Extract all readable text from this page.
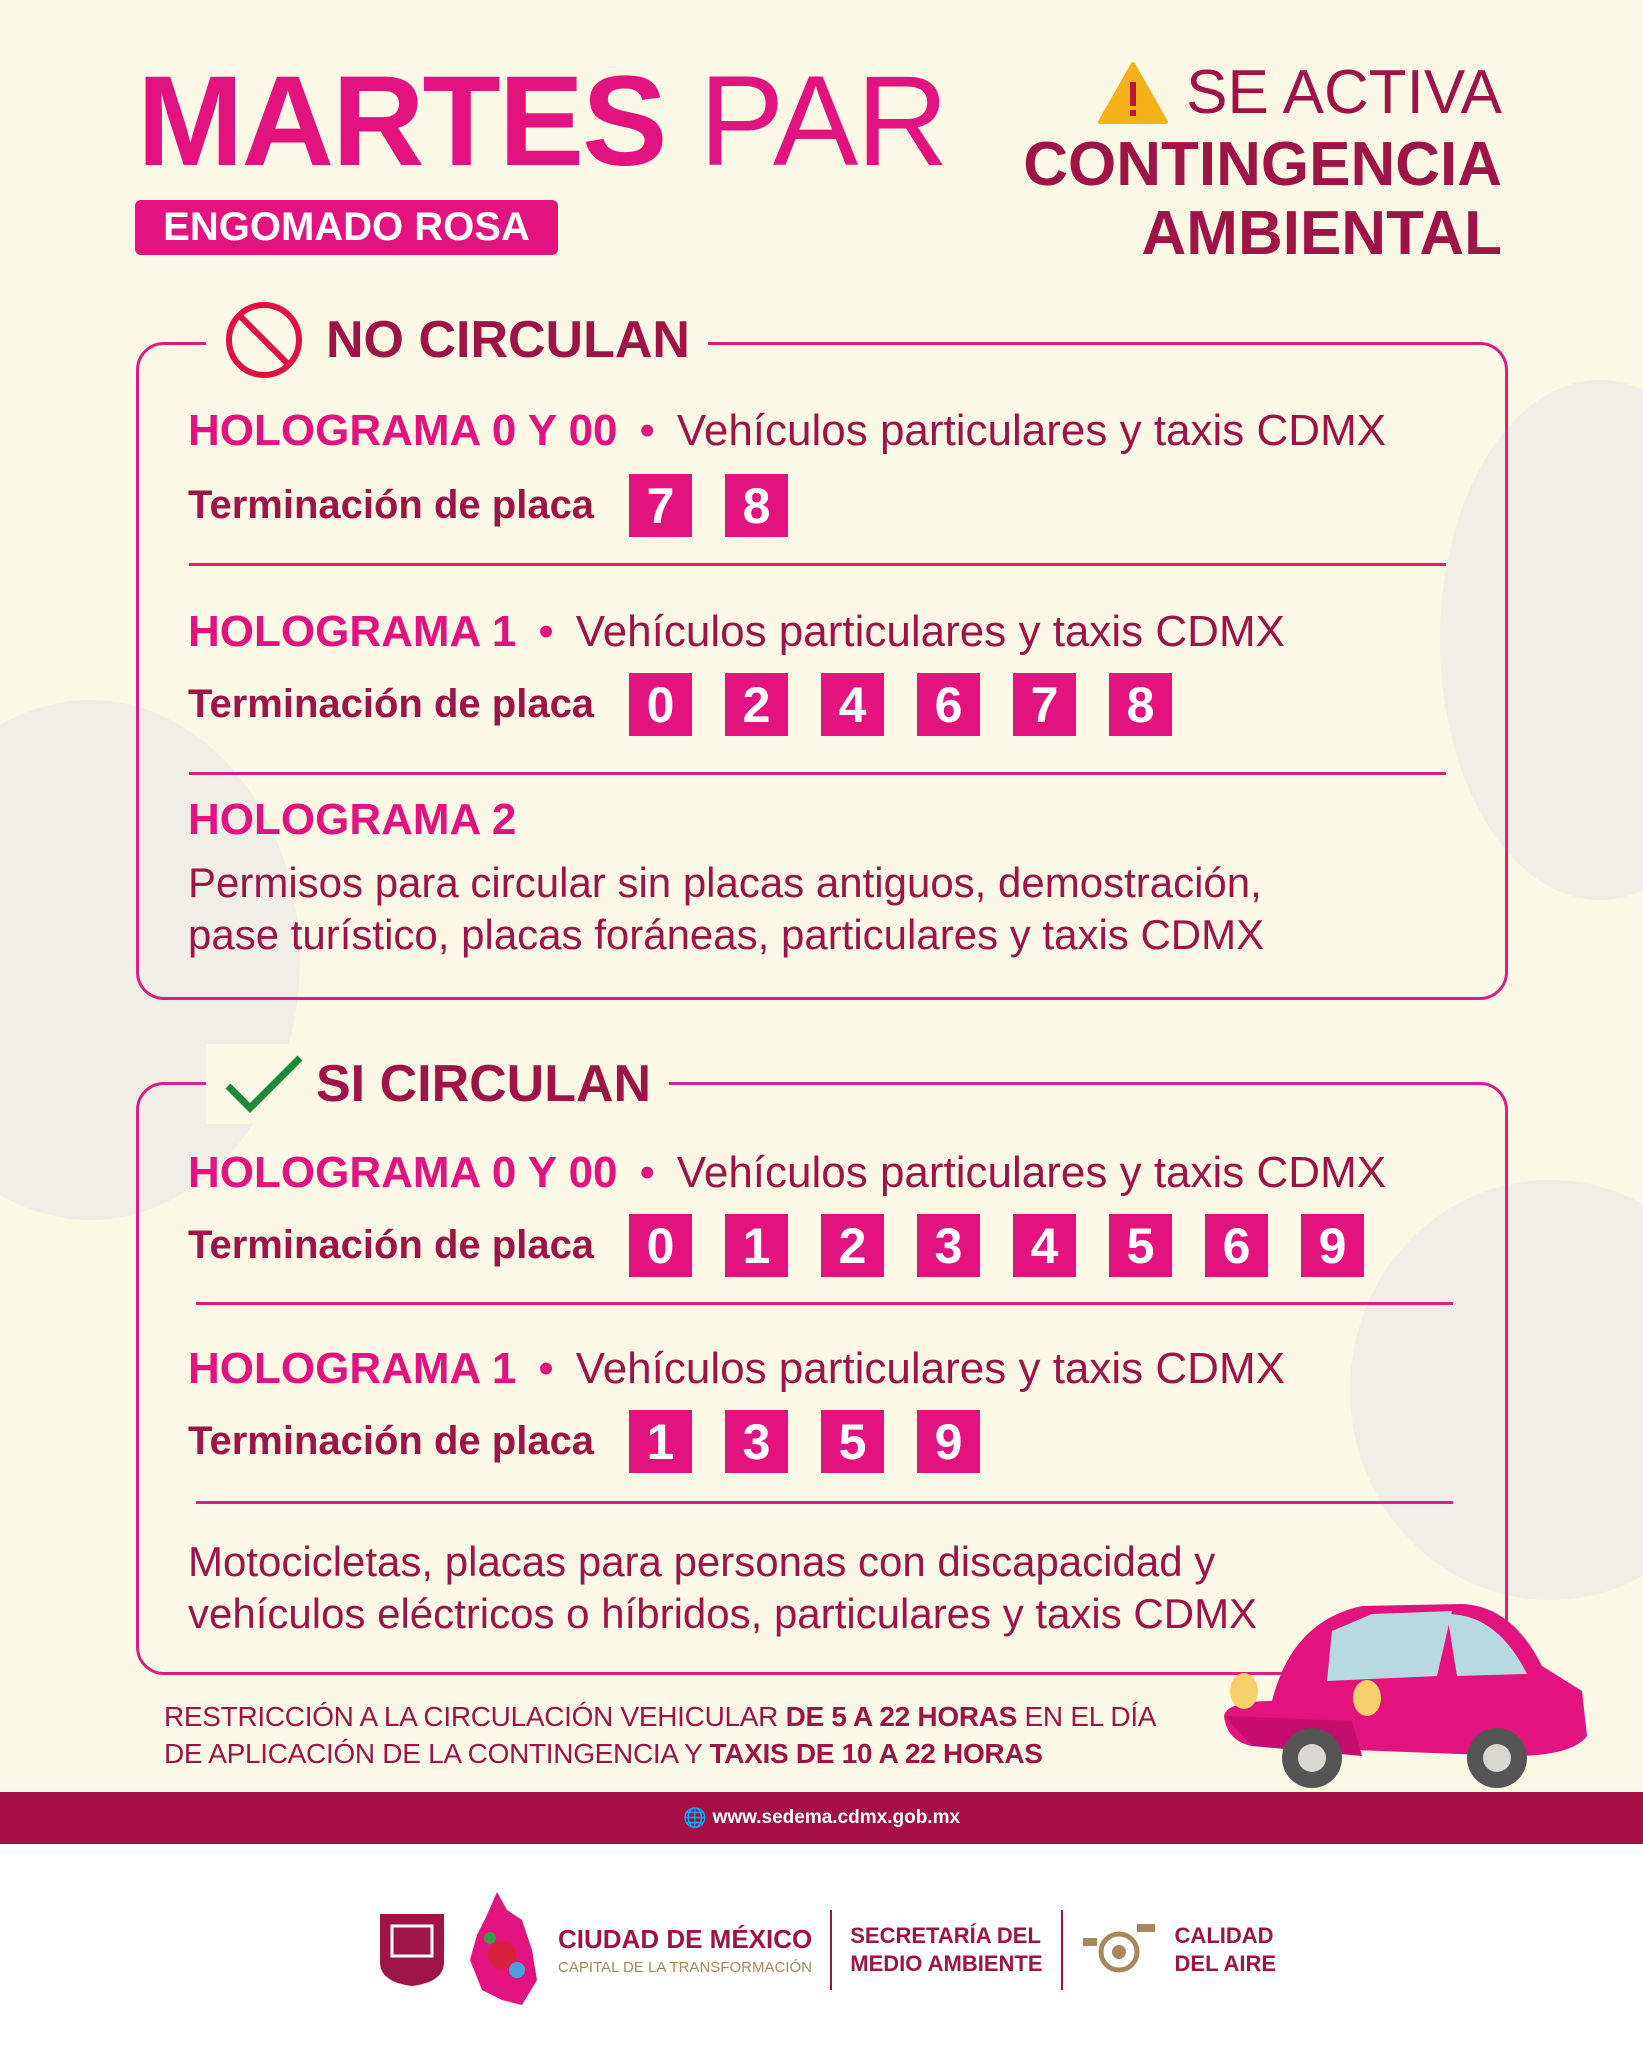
MARTES PAR
ENGOMADO ROSA
SE ACTIVA
CONTINGENCIA
AMBIENTAL
NO CIRCULAN
HOLOGRAMA 0 Y 00 • Vehículos particulares y taxis CDMX
Terminación de placa	7	8
HOLOGRAMA 1 • Vehículos particulares y taxis CDMX
Terminación de placa	0	2	4	6	7	8
HOLOGRAMA 2
Permisos para circular sin placas antiguos, demostración,
pase turístico, placas foráneas, particulares y taxis CDMX
SI CIRCULAN
HOLOGRAMA 0 Y 00 • Vehículos particulares y taxis CDMX
Terminación de placa	0	1	2	3	4	5	6	9
HOLOGRAMA 1 • Vehículos particulares y taxis CDMX
Terminación de placa	1	3	5	9
Motocicletas, placas para personas con discapacidad y
vehículos eléctricos o híbridos, particulares y taxis CDMX
RESTRICCIÓN A LA CIRCULACIÓN VEHICULAR DE 5 A 22 HORAS EN EL DÍA
DE APLICACIÓN DE LA CONTINGENCIA Y TAXIS DE 10 A 22 HORAS
🌐 www.sedema.cdmx.gob.mx
CIUDAD DE MÉXICO
CAPITAL DE LA TRANSFORMACIÓN
SECRETARÍA DEL
MEDIO AMBIENTE
CALIDAD
DEL AIRE
